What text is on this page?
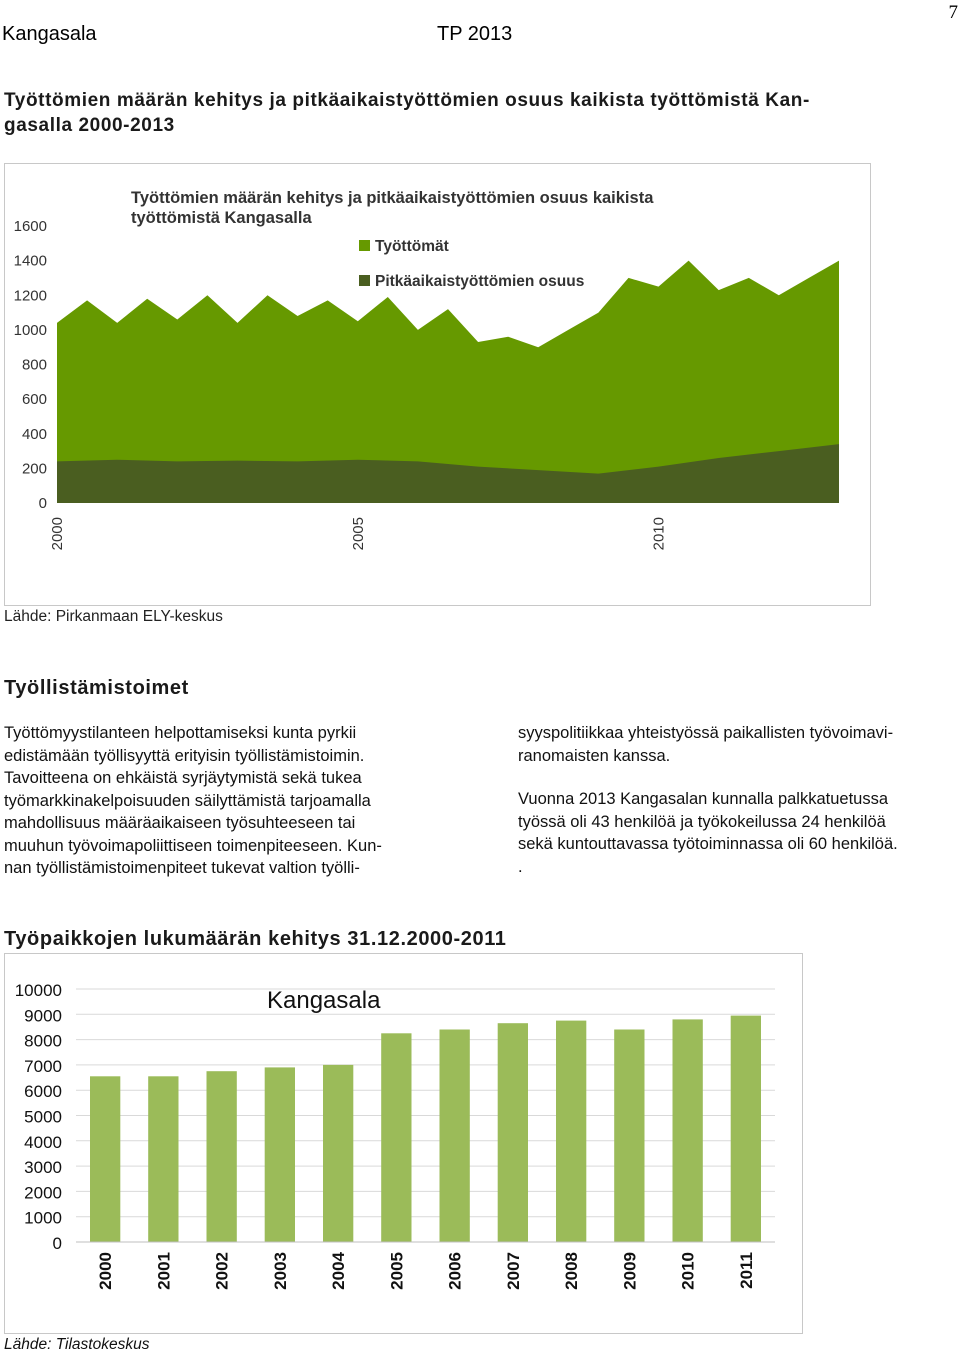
Kangasala	TP 2013
7
Työttömien määrän kehitys ja pitkäaikaistyöttömien osuus kaikista työttömistä Kan-
gasalla 2000-2013
Työttömien määrän kehitys ja pitkäaikaistyöttömien osuus kaikista
työttömistä Kangasalla
0
200
400
600
800
1000
1200
1400
1600
2000	2005	2010
Työttömät
Pitkäaikaistyöttömien osuus
Lähde: Pirkanmaan ELY-keskus
Työllistämistoimet
Työttömyystilanteen helpottamiseksi kunta pyrkii
edistämään työllisyyttä erityisin työllistämistoimin.
Tavoitteena on ehkäistä syrjäytymistä sekä tukea
työmarkkinakelpoisuuden säilyttämistä tarjoamalla
mahdollisuus määräaikaiseen työsuhteeseen tai
muuhun työvoimapoliittiseen toimenpiteeseen. Kun-
nan työllistämistoimenpiteet tukevat valtion työlli-
syyspolitiikkaa yhteistyössä paikallisten työvoimavi-
ranomaisten kanssa.
Vuonna 2013 Kangasalan kunnalla palkkatuetussa
työssä oli 43 henkilöä ja työkokeilussa 24 henkilöä
sekä kuntouttavassa työtoiminnassa oli 60 henkilöä.
.
Työpaikkojen lukumäärän kehitys 31.12.2000-2011
0
1000
2000
3000
4000
5000
6000
7000
8000
9000
10000
2000 2001 2002 2003 2004 2005 2006 2007 2008 2009 2010 2011
Kangasala
Lähde: Tilastokeskus
